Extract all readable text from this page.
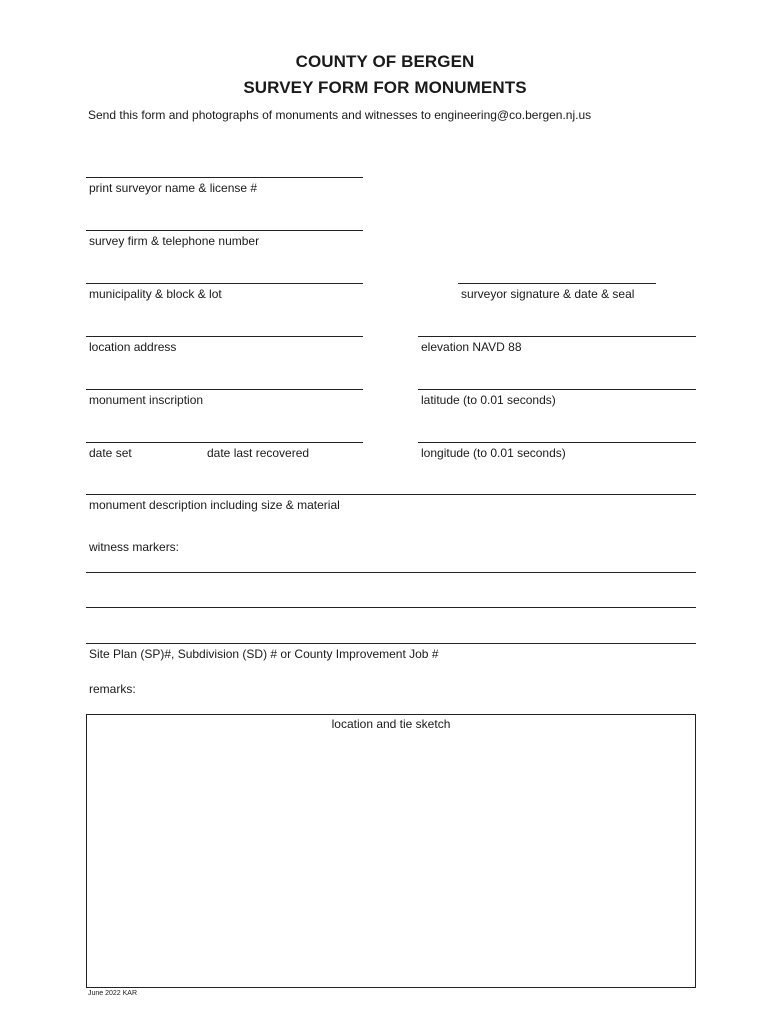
COUNTY OF BERGEN
SURVEY FORM FOR MONUMENTS
Send this form and photographs of monuments and witnesses to engineering@co.bergen.nj.us
print surveyor name & license #
survey firm & telephone number
municipality & block & lot	surveyor signature & date & seal
location address	elevation NAVD 88
monument inscription	latitude (to 0.01 seconds)
date set	date last recovered	longitude (to 0.01 seconds)
monument description including size & material
witness markers:
Site Plan (SP)#, Subdivision (SD) # or County Improvement Job #
remarks:
location and tie sketch
June 2022 KAR
